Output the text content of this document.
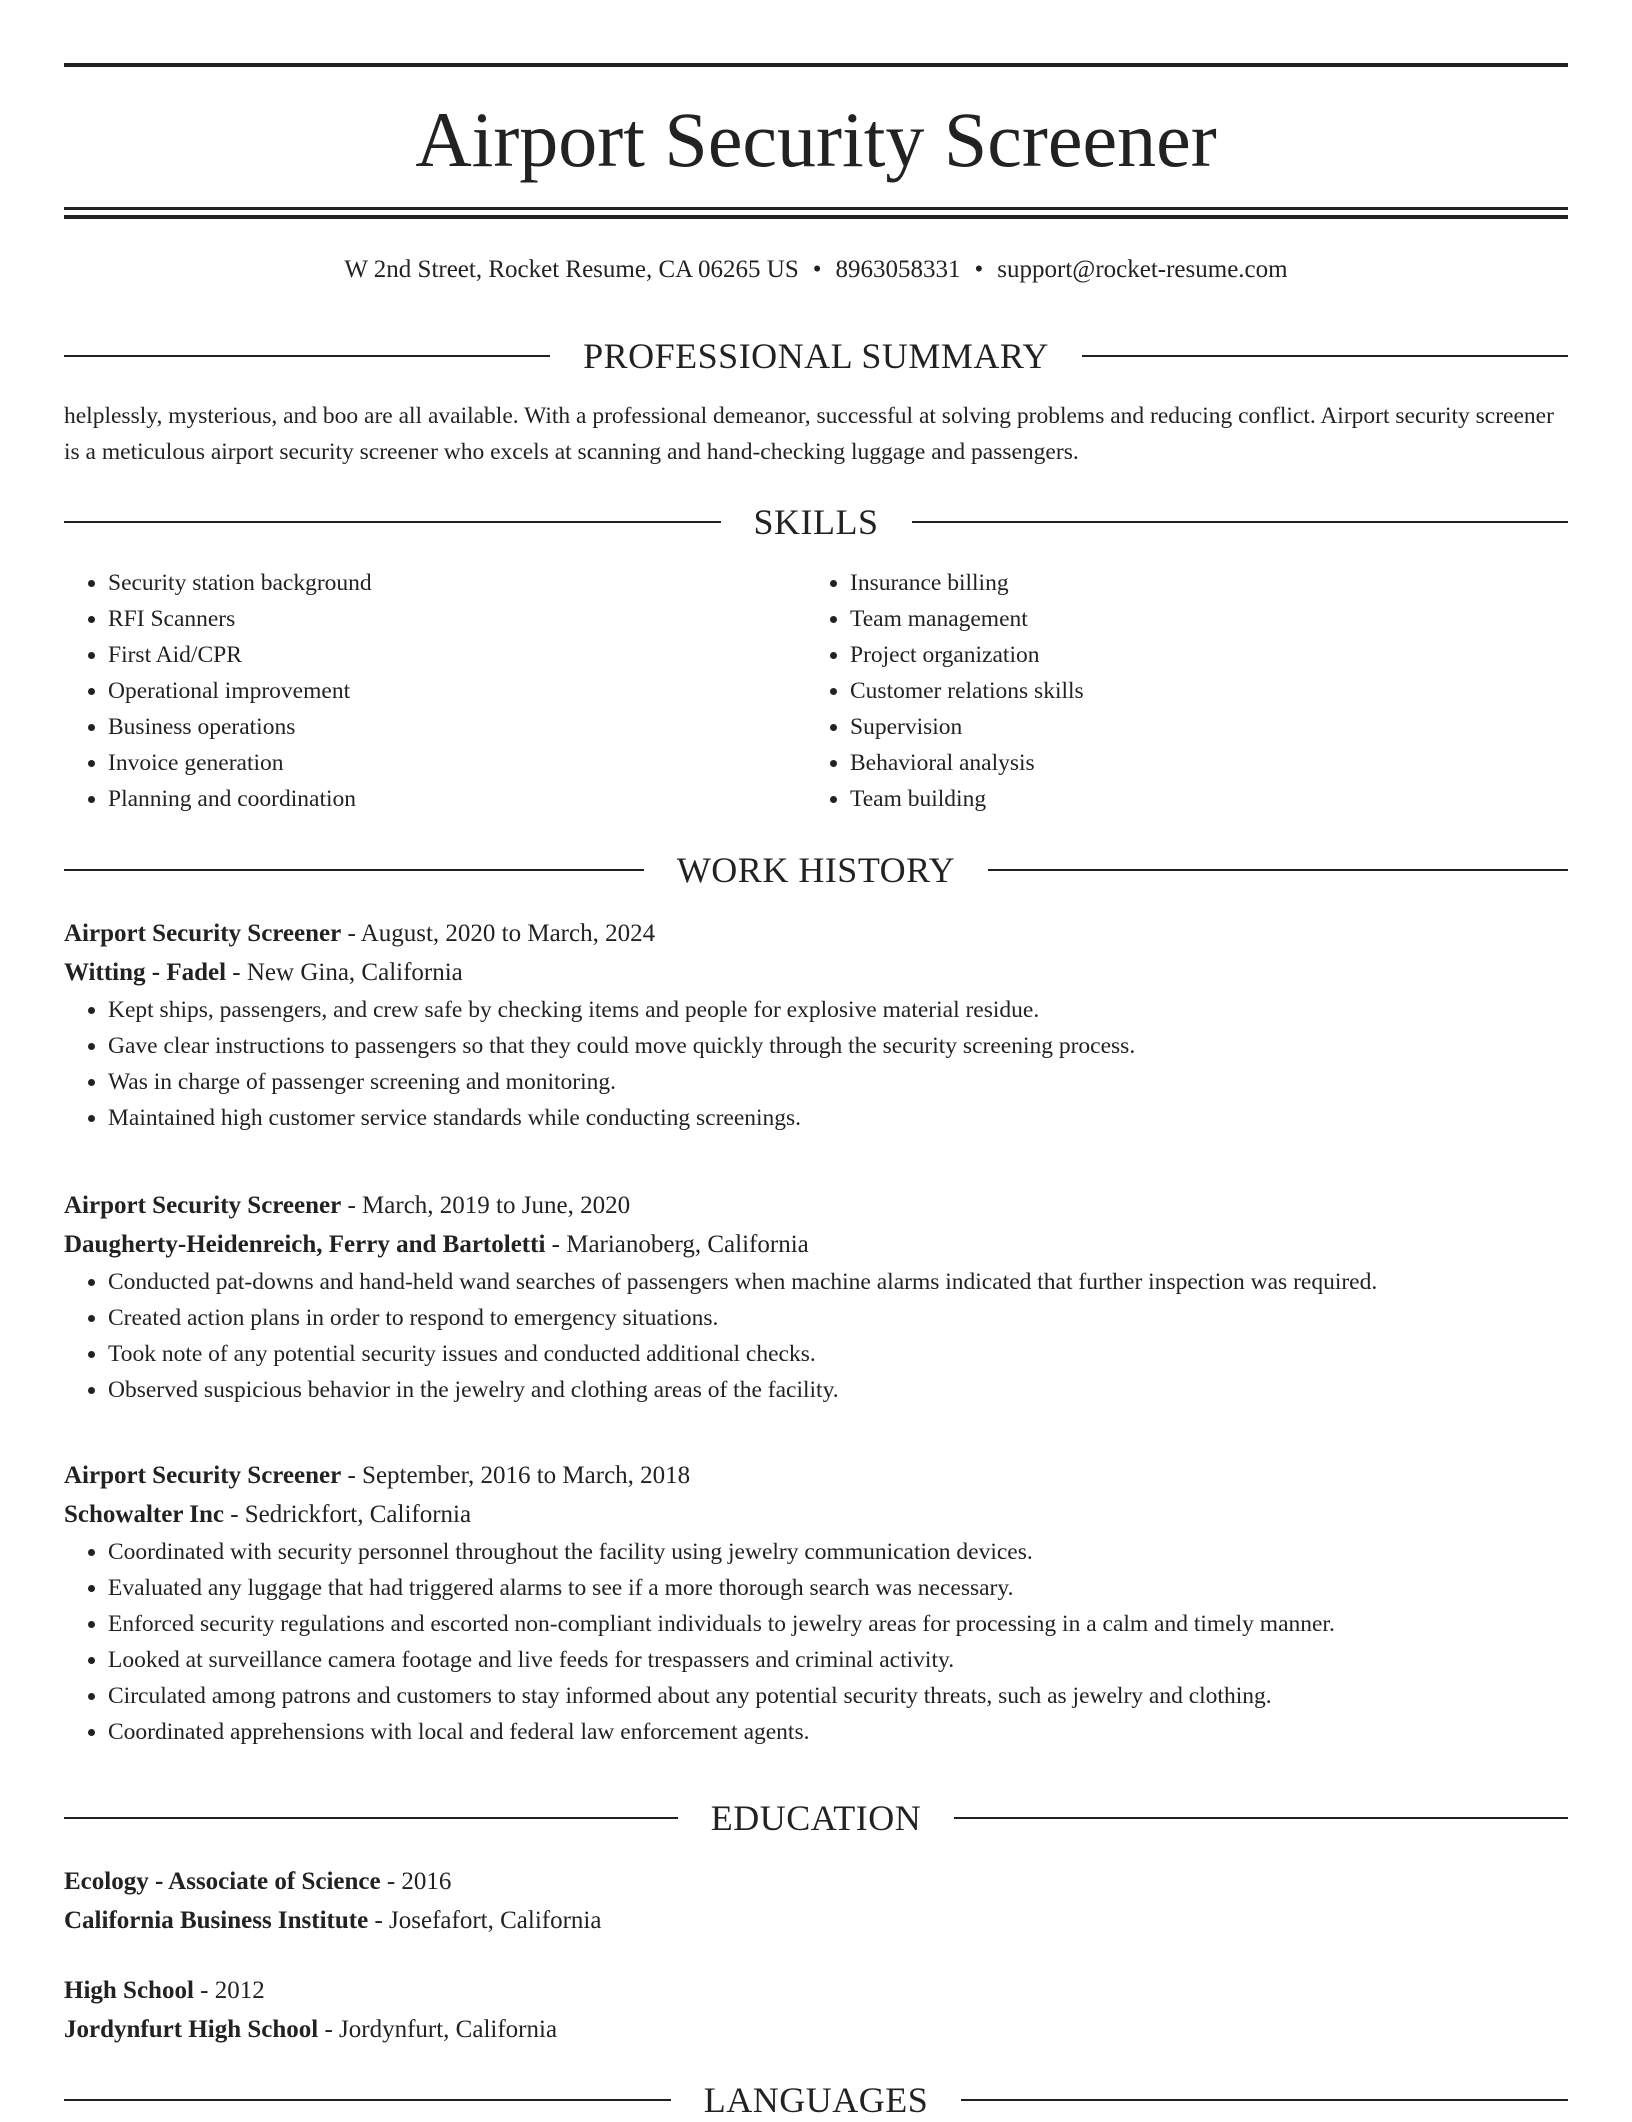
Airport Security Screener
W 2nd Street, Rocket Resume, CA 06265 US • 8963058331 • support@rocket-resume.com
PROFESSIONAL SUMMARY
helplessly, mysterious, and boo are all available. With a professional demeanor, successful at solving problems and reducing conflict. Airport security screener is a meticulous airport security screener who excels at scanning and hand-checking luggage and passengers.
SKILLS
• Security station background
• RFI Scanners
• First Aid/CPR
• Operational improvement
• Business operations
• Invoice generation
• Planning and coordination
• Insurance billing
• Team management
• Project organization
• Customer relations skills
• Supervision
• Behavioral analysis
• Team building
WORK HISTORY
Airport Security Screener - August, 2020 to March, 2024
Witting - Fadel - New Gina, California
• Kept ships, passengers, and crew safe by checking items and people for explosive material residue.
• Gave clear instructions to passengers so that they could move quickly through the security screening process.
• Was in charge of passenger screening and monitoring.
• Maintained high customer service standards while conducting screenings.
Airport Security Screener - March, 2019 to June, 2020
Daugherty-Heidenreich, Ferry and Bartoletti - Marianoberg, California
• Conducted pat-downs and hand-held wand searches of passengers when machine alarms indicated that further inspection was required.
• Created action plans in order to respond to emergency situations.
• Took note of any potential security issues and conducted additional checks.
• Observed suspicious behavior in the jewelry and clothing areas of the facility.
Airport Security Screener - September, 2016 to March, 2018
Schowalter Inc - Sedrickfort, California
• Coordinated with security personnel throughout the facility using jewelry communication devices.
• Evaluated any luggage that had triggered alarms to see if a more thorough search was necessary.
• Enforced security regulations and escorted non-compliant individuals to jewelry areas for processing in a calm and timely manner.
• Looked at surveillance camera footage and live feeds for trespassers and criminal activity.
• Circulated among patrons and customers to stay informed about any potential security threats, such as jewelry and clothing.
• Coordinated apprehensions with local and federal law enforcement agents.
EDUCATION
Ecology - Associate of Science - 2016
California Business Institute - Josefafort, California
High School - 2012
Jordynfurt High School - Jordynfurt, California
LANGUAGES
